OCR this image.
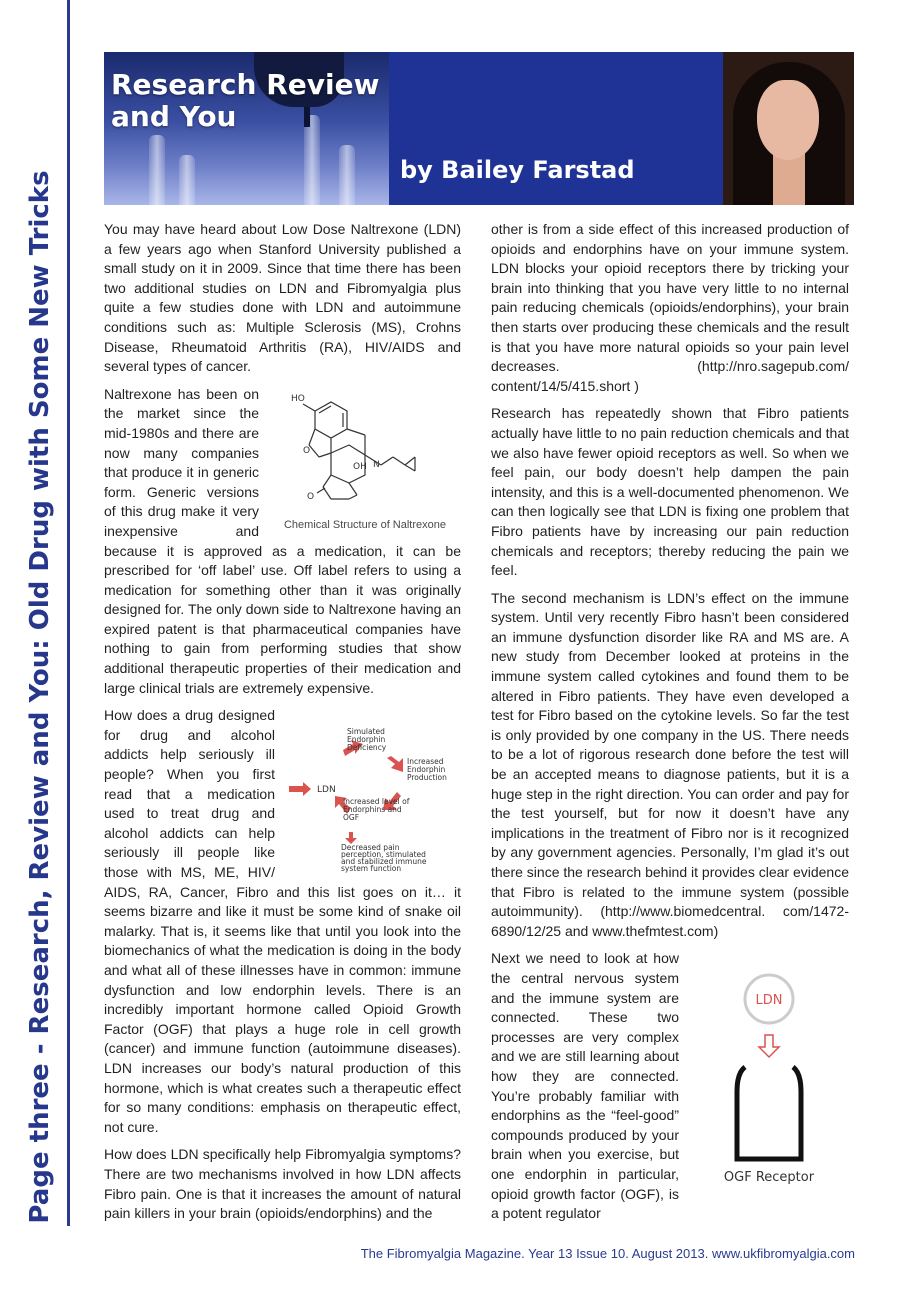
Page three - Research, Review and You: Old Drug with Some New Tricks
Research Review
and You
by Bailey Farstad

You may have heard about Low Dose Naltrexone (LDN) a few years ago when Stanford University published a small study on it in 2009. Since that time there has been two additional studies on LDN and Fibromyalgia plus quite a few studies done with LDN and autoimmune conditions such as: Multiple Sclerosis (MS), Crohns Disease, Rheumatoid Arthritis (RA), HIV/AIDS and several types of cancer.

HO
O
OH N
O
Chemical Structure of Naltrexone
Naltrexone has been on the market since the mid-1980s and there are now many companies that produce it in generic form. Generic versions of this drug make it very inexpensive and because it is approved as a medication, it can be prescribed for ‘off label’ use. Off label refers to using a medication for something other than it was originally designed for. The only down side to Naltrexone having an expired patent is that pharmaceutical companies have nothing to gain from performing studies that show additional therapeutic properties of their medication and large clinical trials are extremely expensive.

LDN
Simulated
Endorphin
Deficiency
Increased
Endorphin
Production
Increased level of
Endorphins and
OGF
Decreased pain
perception, stimulated
and stabilized immune
system function
How does a drug designed for drug and alcohol addicts help seriously ill people? When you first read that a medication used to treat drug and alcohol addicts can help seriously ill people like those with MS, ME, HIV/ AIDS, RA, Cancer, Fibro and this list goes on it… it seems bizarre and like it must be some kind of snake oil malarky. That is, it seems like that until you look into the biomechanics of what the medication is doing in the body and what all of these illnesses have in common: immune dysfunction and low endorphin levels. There is an incredibly important hormone called Opioid Growth Factor (OGF) that plays a huge role in cell growth (cancer) and immune function (autoimmune diseases). LDN increases our body’s natural production of this hormone, which is what creates such a therapeutic effect for so many conditions: emphasis on therapeutic effect, not cure.

How does LDN specifically help Fibromyalgia symptoms? There are two mechanisms involved in how LDN affects Fibro pain. One is that it increases the amount of natural pain killers in your brain (opioids/endorphins) and the

other is from a side effect of this increased production of opioids and endorphins have on your immune system. LDN blocks your opioid receptors there by tricking your brain into thinking that you have very little to no internal pain reducing chemicals (opioids/endorphins), your brain then starts over producing these chemicals and the result is that you have more natural opioids so your pain level decreases. (http://nro.sagepub.com/ content/14/5/415.short )

Research has repeatedly shown that Fibro patients actually have little to no pain reduction chemicals and that we also have fewer opioid receptors as well. So when we feel pain, our body doesn’t help dampen the pain intensity, and this is a well-documented phenomenon. We can then logically see that LDN is fixing one problem that Fibro patients have by increasing our pain reduction chemicals and receptors; thereby reducing the pain we feel.

The second mechanism is LDN’s effect on the immune system. Until very recently Fibro hasn’t been considered an immune dysfunction disorder like RA and MS are. A new study from December looked at proteins in the immune system called cytokines and found them to be altered in Fibro patients. They have even developed a test for Fibro based on the cytokine levels. So far the test is only provided by one company in the US. There needs to be a lot of rigorous research done before the test will be an accepted means to diagnose patients, but it is a huge step in the right direction. You can order and pay for the test yourself, but for now it doesn’t have any implications in the treatment of Fibro nor is it recognized by any government agencies. Personally, I’m glad it’s out there since the research behind it provides clear evidence that Fibro is related to the immune system (possible autoimmunity). (http://www.biomedcentral. com/1472-6890/12/25 and www.thefmtest.com)

LDN
OGF Receptor
Next we need to look at how the central nervous system and the immune system are connected. These two processes are very complex and we are still learning about how they are connected. You’re probably familiar with endorphins as the “feel-good” compounds produced by your brain when you exercise, but one endorphin in particular, opioid growth factor (OGF), is a potent regulator

The Fibromyalgia Magazine. Year 13 Issue 10. August 2013. www.ukfibromyalgia.com
